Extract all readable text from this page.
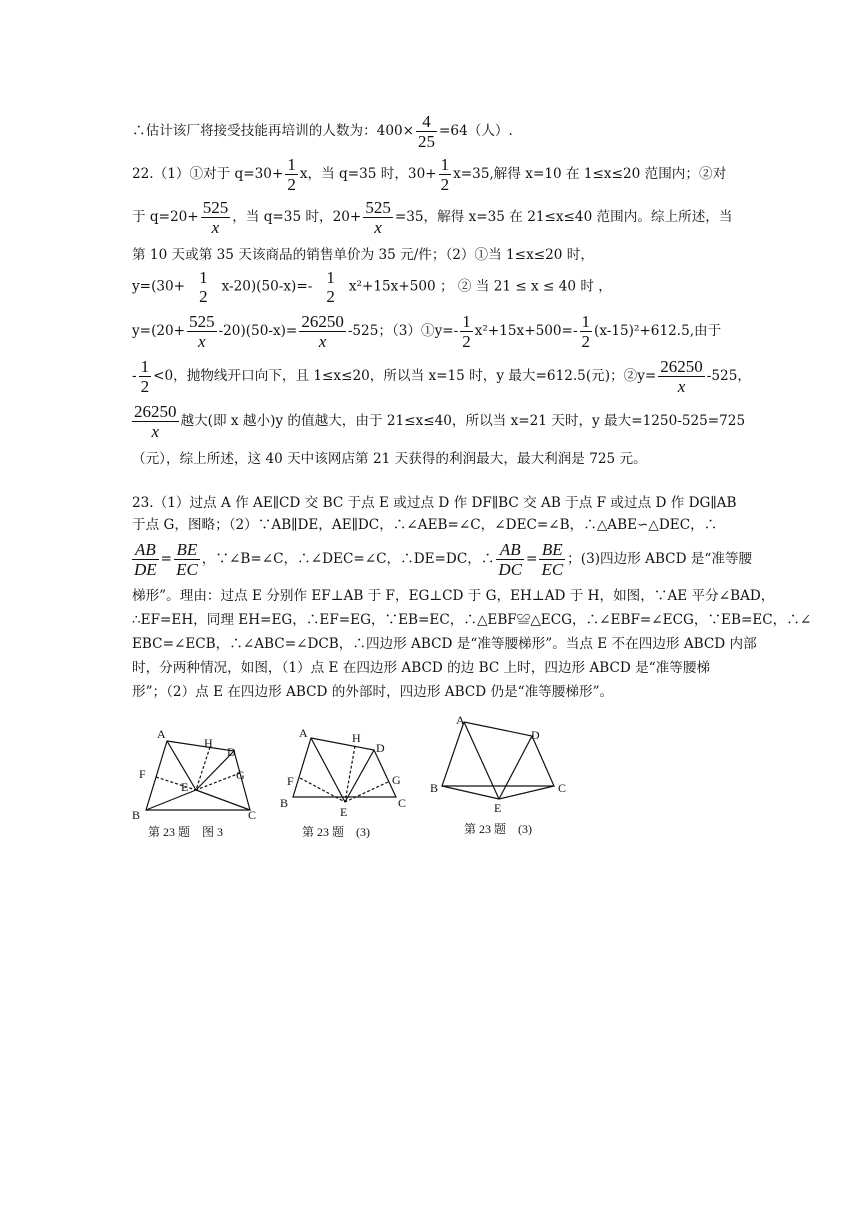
∴估计该厂将接受技能再培训的人数为：$400\times \frac{4}{25} =64$（人）.
22.（1）①对于 $q=30+ \frac{1}{2}$ x，当 q=35 时，$30+ \frac{1}{2} x=35$,解得 x=10 在 1≤x≤20 范围内；②对
于 $q=20+ \frac{525}{x}$ ，当 q=35 时，$20+ \frac{525}{x} =35$，解得 x=35 在 21≤x≤40 范围内。综上所述，当
第 10 天或第 35 天该商品的销售单价为 35 元/件；（2）①当 1≤x≤20 时，
y=(30+ 1
2
x-20)(50-x)=- 1
2
x²+15x+500 ； ② 当 21 ≤ x ≤ 40 时 ，
$y=(20+ \frac{525}{x} -20)(50-x)= \frac{26250}{x} -525$；（3）①y=- $\frac{1}{2} x^2+15x+500=- \frac{1}{2} (x-15)^2+612.5$,由于
- $\frac{1}{2} <0$，抛物线开口向下，且 1≤x≤20，所以当 x=15 时，y 最大=612.5(元)；②y= $\frac{26250}{x} -525$，
$\frac{26250}{x}$ 越大(即 x 越小)y 的值越大，由于 21≤x≤40，所以当 x=21 天时，y 最大=1250-525=725
（元），综上所述，这 40 天中该网店第 21 天获得的利润最大，最大利润是 725 元。
23.（1）过点 A 作 AE∥CD 交 BC 于点 E 或过点 D 作 DF∥BC 交 AB 于点 F 或过点 D 作 DG∥AB
于点 G，图略；（2）∵AB∥DE，AE∥DC，∴∠AEB=∠C，∠DEC=∠B，∴△ABE∽△DEC，∴
$\frac{AB}{DE} = \frac{BE}{EC}$ ，∵∠B=∠C，∴∠DEC=∠C，∴DE=DC，∴ $\frac{AB}{DC} = \frac{BE}{EC}$ ；(3)四边形 ABCD 是“准等腰
梯形”。理由：过点 E 分别作 EF⊥AB 于 F，EG⊥CD 于 G，EH⊥AD 于 H，如图，∵AE 平分∠BAD，
∴EF=EH，同理 EH=EG，∴EF=EG，∵EB=EC，∴△EBF≌△ECG，∴∠EBF=∠ECG，∵EB=EC，∴∠
EBC=∠ECB，∴∠ABC=∠DCB，∴四边形 ABCD 是“准等腰梯形”。当点 E 不在四边形 ABCD 内部
时，分两种情况，如图，（1）点 E 在四边形 ABCD 的边 BC 上时，四边形 ABCD 是“准等腰梯
形”；（2）点 E 在四边形 ABCD 的外部时，四边形 ABCD 仍是“准等腰梯形”。
A
H
D
F	G
E
B	C
第 23 题　图 3
A	H
D
F	G
B	C
E
第 23 题　(3)
A
D
B	C
E
第 23 题　(3)
